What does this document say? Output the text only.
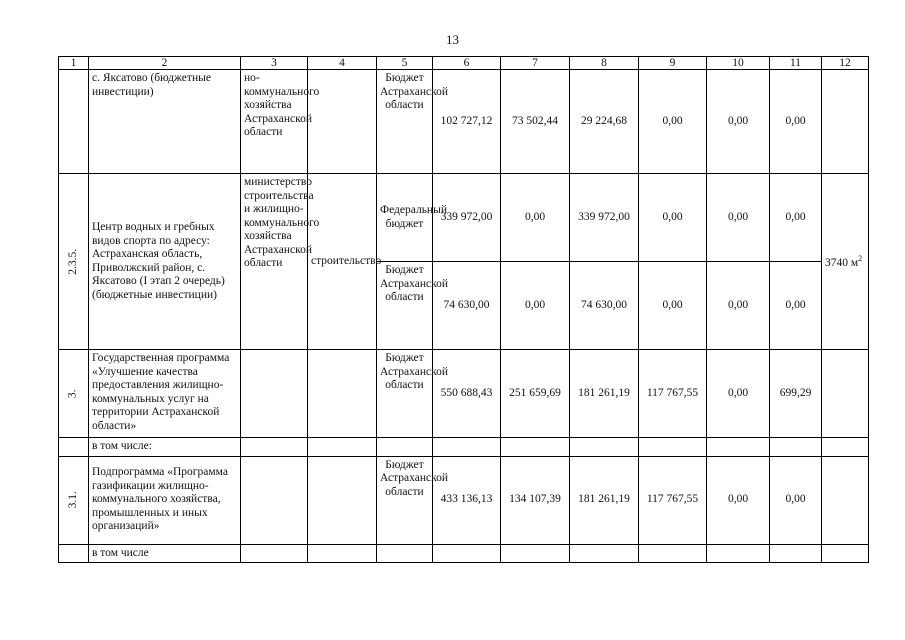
13
1	2	3	4	5	6	7	8	9	10	11	12
	с. Яксатово (бюджетные инвестиции)	но-коммунального хозяйства Астраханской области		Бюджет Астраханской области	102 727,12	73 502,44	29 224,68	0,00	0,00	0,00	
2.3.5.	Центр водных и гребных видов спорта по адресу: Астраханская область, Приволжский район, с. Яксатово (I этап 2 очередь) (бюджетные инвестиции)	министерство строительства и жилищно-коммунального хозяйства Астраханской области	строительство	Федеральный бюджет	339 972,00	0,00	339 972,00	0,00	0,00	0,00	3740 $м^2$
				Бюджет Астраханской области	74 630,00	0,00	74 630,00	0,00	0,00	0,00	
3.	Государственная программа «Улучшение качества предоставления жилищно-коммунальных услуг на территории Астраханской области»			Бюджет Астраханской области	550 688,43	251 659,69	181 261,19	117 767,55	0,00	699,29	
	в том числе:										
3.1.	Подпрограмма «Программа газификации жилищно-коммунального хозяйства, промышленных и иных организаций»			Бюджет Астраханской области	433 136,13	134 107,39	181 261,19	117 767,55	0,00	0,00	
	в том числе										
